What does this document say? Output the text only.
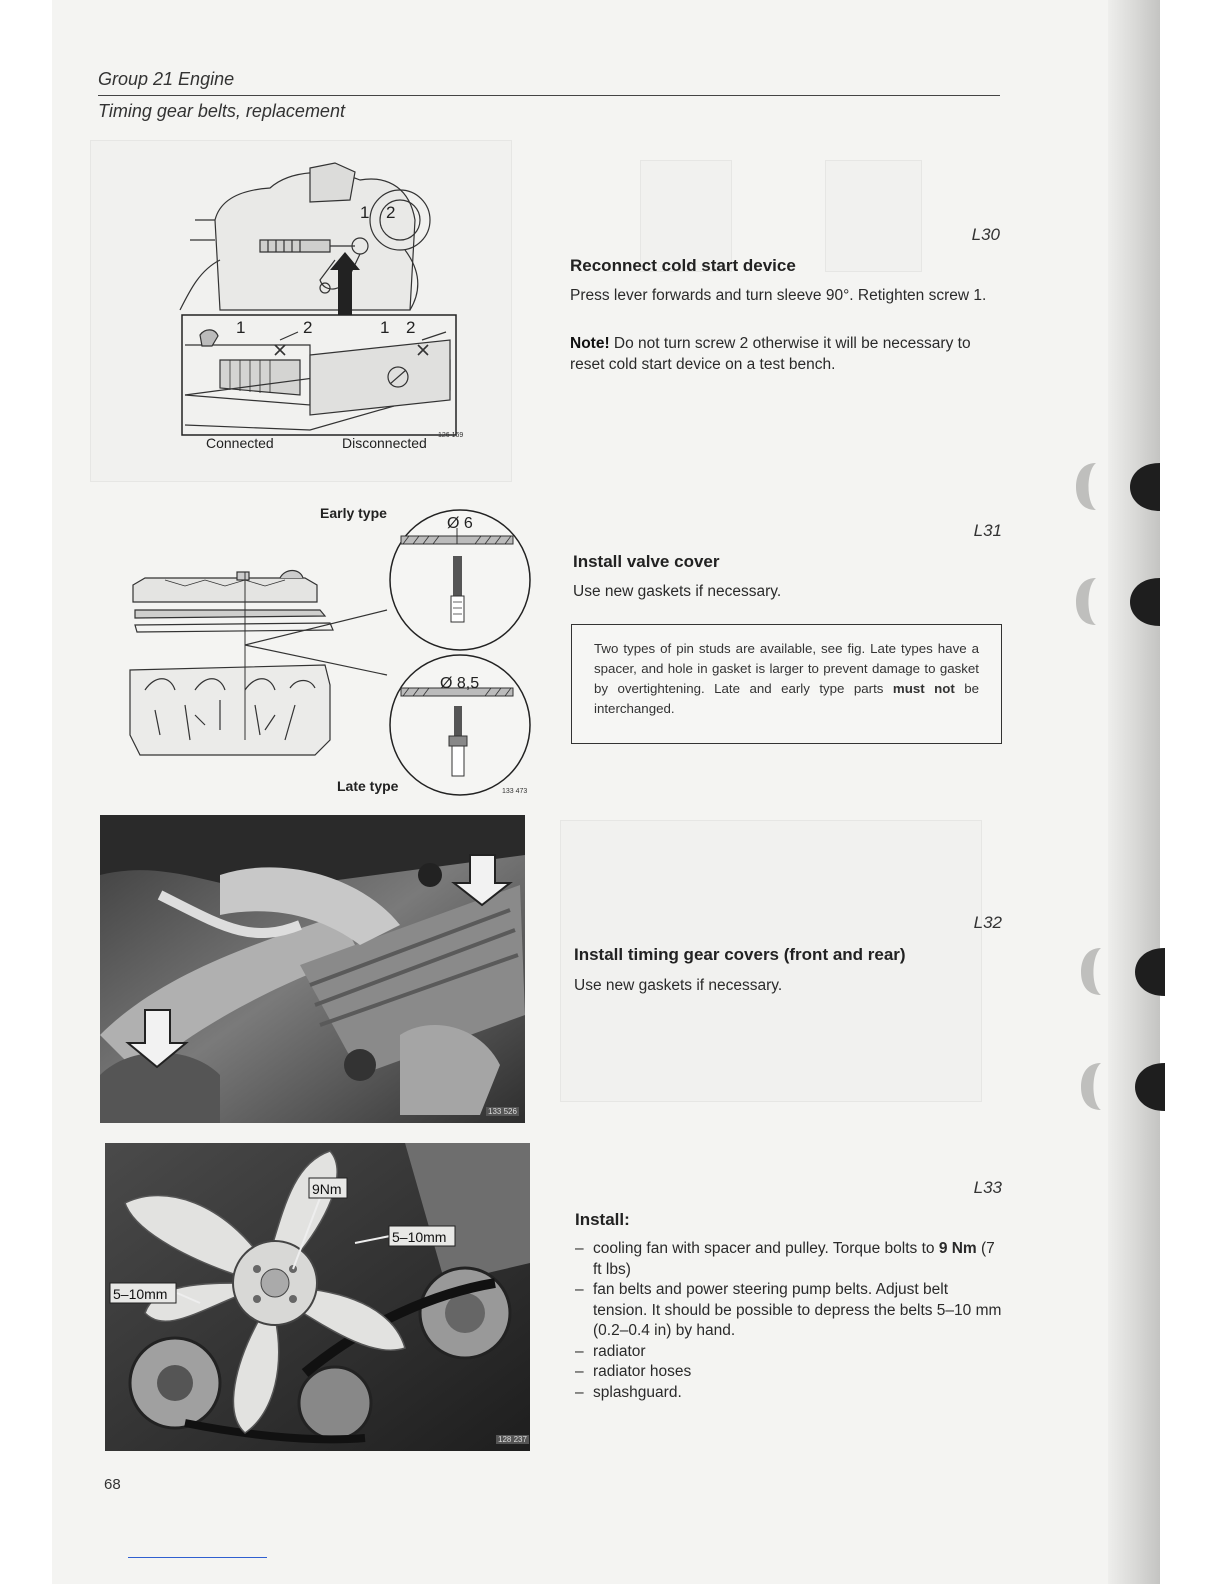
Group 21 Engine
Timing gear belts, replacement
1 2
1	2	1 2
Connected	Disconnected 126 169
L30
Reconnect cold start device
Press lever forwards and turn sleeve 90°. Retighten screw 1.
Note! Do not turn screw 2 otherwise it will be necessary to reset cold start device on a test bench.
Ø 6
Ø 8,5
Early type
Late type	133 473
L31
Install valve cover
Use new gaskets if necessary.

Two types of pin studs are available, see fig. Late types have a spacer, and hole in gasket is larger to prevent damage to gasket by overtightening. Late and early type parts must not be interchanged.

133 526
L32
Install timing gear covers (front and rear)
Use new gaskets if necessary.
9Nm
5–10mm
5–10mm
128 237
L33
Install:
– cooling fan with spacer and pulley. Torque bolts to 9 Nm (7 ft lbs)
– fan belts and power steering pump belts. Adjust belt tension. It should be possible to depress the belts 5–10 mm (0.2–0.4 in) by hand.
– radiator
– radiator hoses
– splashguard.
68
